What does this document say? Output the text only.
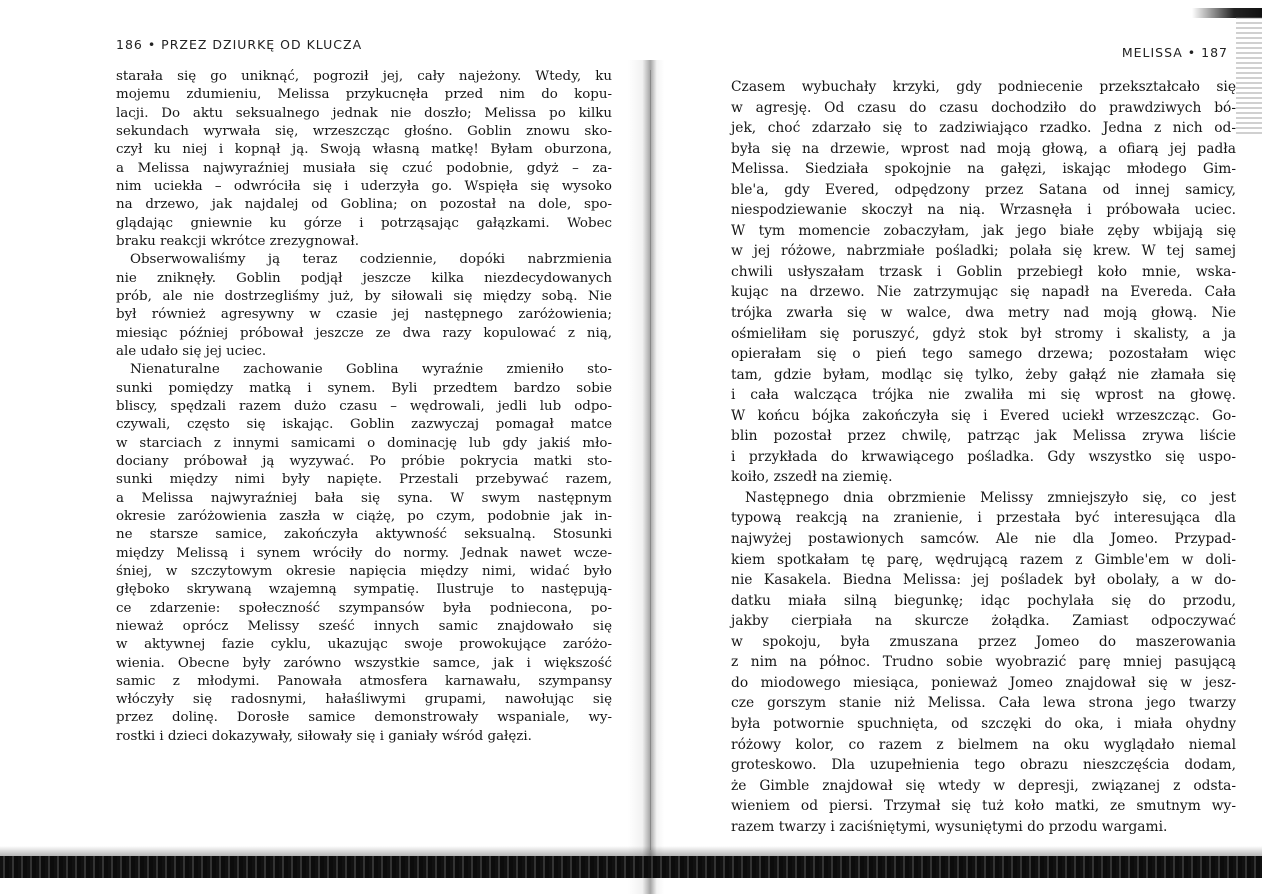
186 • PRZEZ DZIURKĘ OD KLUCZA
MELISSA • 187
starała się go uniknąć, pogroził jej, cały najeżony. Wtedy, ku
mojemu zdumieniu, Melissa przykucnęła przed nim do kopu-
lacji. Do aktu seksualnego jednak nie doszło; Melissa po kilku
sekundach wyrwała się, wrzeszcząc głośno. Goblin znowu sko-
czył ku niej i kopnął ją. Swoją własną matkę! Byłam oburzona,
a Melissa najwyraźniej musiała się czuć podobnie, gdyż – za-
nim uciekła – odwróciła się i uderzyła go. Wspięła się wysoko
na drzewo, jak najdalej od Goblina; on pozostał na dole, spo-
glądając gniewnie ku górze i potrząsając gałązkami. Wobec
braku reakcji wkrótce zrezygnował.
Obserwowaliśmy ją teraz codziennie, dopóki nabrzmienia
nie zniknęły. Goblin podjął jeszcze kilka niezdecydowanych
prób, ale nie dostrzegliśmy już, by siłowali się między sobą. Nie
był również agresywny w czasie jej następnego zaróżowienia;
miesiąc później próbował jeszcze ze dwa razy kopulować z nią,
ale udało się jej uciec.
Nienaturalne zachowanie Goblina wyraźnie zmieniło sto-
sunki pomiędzy matką i synem. Byli przedtem bardzo sobie
bliscy, spędzali razem dużo czasu – wędrowali, jedli lub odpo-
czywali, często się iskając. Goblin zazwyczaj pomagał matce
w starciach z innymi samicami o dominację lub gdy jakiś mło-
dociany próbował ją wyzywać. Po próbie pokrycia matki sto-
sunki między nimi były napięte. Przestali przebywać razem,
a Melissa najwyraźniej bała się syna. W swym następnym
okresie zaróżowienia zaszła w ciążę, po czym, podobnie jak in-
ne starsze samice, zakończyła aktywność seksualną. Stosunki
między Melissą i synem wróciły do normy. Jednak nawet wcze-
śniej, w szczytowym okresie napięcia między nimi, widać było
głęboko skrywaną wzajemną sympatię. Ilustruje to następują-
ce zdarzenie: społeczność szympansów była podniecona, po-
nieważ oprócz Melissy sześć innych samic znajdowało się
w aktywnej fazie cyklu, ukazując swoje prowokujące zaróżo-
wienia. Obecne były zarówno wszystkie samce, jak i większość
samic z młodymi. Panowała atmosfera karnawału, szympansy
włóczyły się radosnymi, hałaśliwymi grupami, nawołując się
przez dolinę. Dorosłe samice demonstrowały wspaniale, wy-
rostki i dzieci dokazywały, siłowały się i ganiały wśród gałęzi.
Czasem wybuchały krzyki, gdy podniecenie przekształcało się
w agresję. Od czasu do czasu dochodziło do prawdziwych bó-
jek, choć zdarzało się to zadziwiająco rzadko. Jedna z nich od-
była się na drzewie, wprost nad moją głową, a ofiarą jej padła
Melissa. Siedziała spokojnie na gałęzi, iskając młodego Gim-
ble'a, gdy Evered, odpędzony przez Satana od innej samicy,
niespodziewanie skoczył na nią. Wrzasnęła i próbowała uciec.
W tym momencie zobaczyłam, jak jego białe zęby wbijają się
w jej różowe, nabrzmiałe pośladki; polała się krew. W tej samej
chwili usłyszałam trzask i Goblin przebiegł koło mnie, wska-
kując na drzewo. Nie zatrzymując się napadł na Evereda. Cała
trójka zwarła się w walce, dwa metry nad moją głową. Nie
ośmieliłam się poruszyć, gdyż stok był stromy i skalisty, a ja
opierałam się o pień tego samego drzewa; pozostałam więc
tam, gdzie byłam, modląc się tylko, żeby gałąź nie złamała się
i cała walcząca trójka nie zwaliła mi się wprost na głowę.
W końcu bójka zakończyła się i Evered uciekł wrzeszcząc. Go-
blin pozostał przez chwilę, patrząc jak Melissa zrywa liście
i przykłada do krwawiącego pośladka. Gdy wszystko się uspo-
koiło, zszedł na ziemię.
Następnego dnia obrzmienie Melissy zmniejszyło się, co jest
typową reakcją na zranienie, i przestała być interesująca dla
najwyżej postawionych samców. Ale nie dla Jomeo. Przypad-
kiem spotkałam tę parę, wędrującą razem z Gimble'em w doli-
nie Kasakela. Biedna Melissa: jej pośladek był obolały, a w do-
datku miała silną biegunkę; idąc pochylała się do przodu,
jakby cierpiała na skurcze żołądka. Zamiast odpoczywać
w spokoju, była zmuszana przez Jomeo do maszerowania
z nim na północ. Trudno sobie wyobrazić parę mniej pasującą
do miodowego miesiąca, ponieważ Jomeo znajdował się w jesz-
cze gorszym stanie niż Melissa. Cała lewa strona jego twarzy
była potwornie spuchnięta, od szczęki do oka, i miała ohydny
różowy kolor, co razem z bielmem na oku wyglądało niemal
groteskowo. Dla uzupełnienia tego obrazu nieszczęścia dodam,
że Gimble znajdował się wtedy w depresji, związanej z odsta-
wieniem od piersi. Trzymał się tuż koło matki, ze smutnym wy-
razem twarzy i zaciśniętymi, wysuniętymi do przodu wargami.
